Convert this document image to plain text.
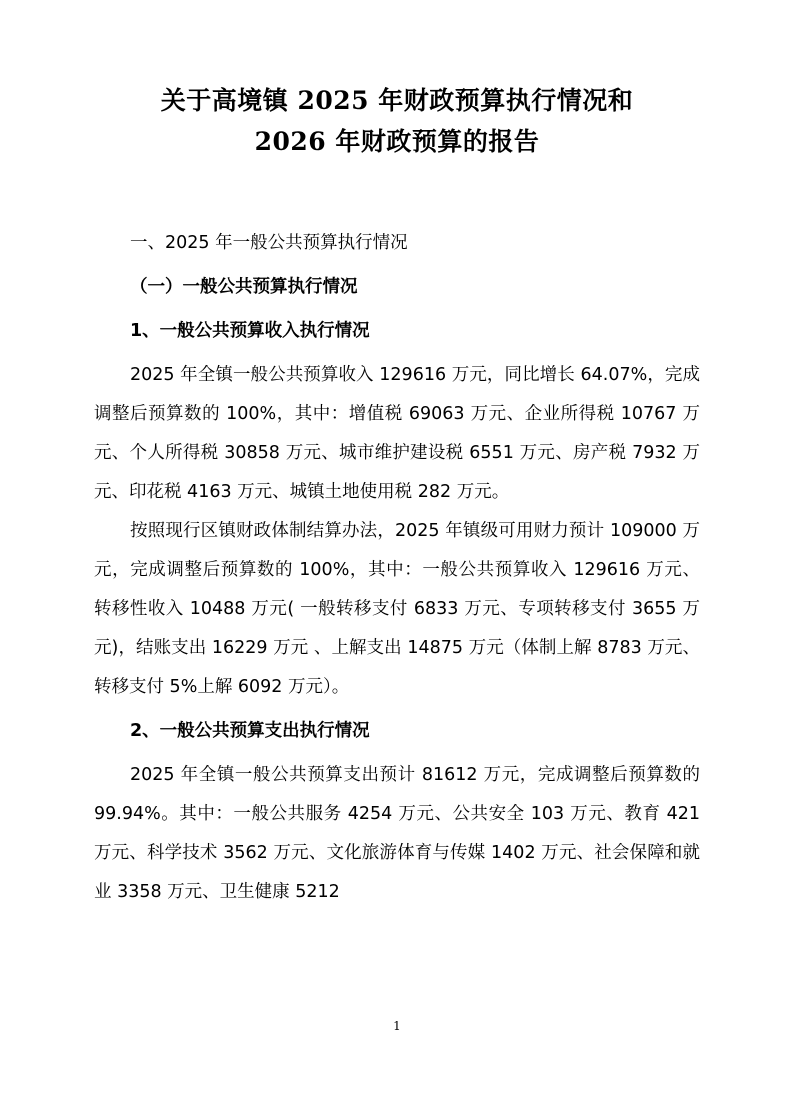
关于高境镇 2025 年财政预算执行情况和
2026 年财政预算的报告

一、2025 年一般公共预算执行情况

（一）一般公共预算执行情况

1、一般公共预算收入执行情况

2025 年全镇一般公共预算收入 129616 万元，同比增长 64.07%，完成调整后预算数的 100%，其中：增值税 69063 万元、企业所得税 10767 万元、个人所得税 30858 万元、城市维护建设税 6551 万元、房产税 7932 万元、印花税 4163 万元、城镇土地使用税 282 万元。

按照现行区镇财政体制结算办法，2025 年镇级可用财力预计 109000 万元，完成调整后预算数的 100%，其中：一般公共预算收入 129616 万元、转移性收入 10488 万元( 一般转移支付 6833 万元、专项转移支付 3655 万元)，结账支出 16229 万元 、上解支出 14875 万元（体制上解 8783 万元、转移支付 5%上解 6092 万元）。

2、一般公共预算支出执行情况

2025 年全镇一般公共预算支出预计 81612 万元，完成调整后预算数的 99.94%。其中：一般公共服务 4254 万元、公共安全 103 万元、教育 421 万元、科学技术 3562 万元、文化旅游体育与传媒 1402 万元、社会保障和就业 3358 万元、卫生健康 5212

1
